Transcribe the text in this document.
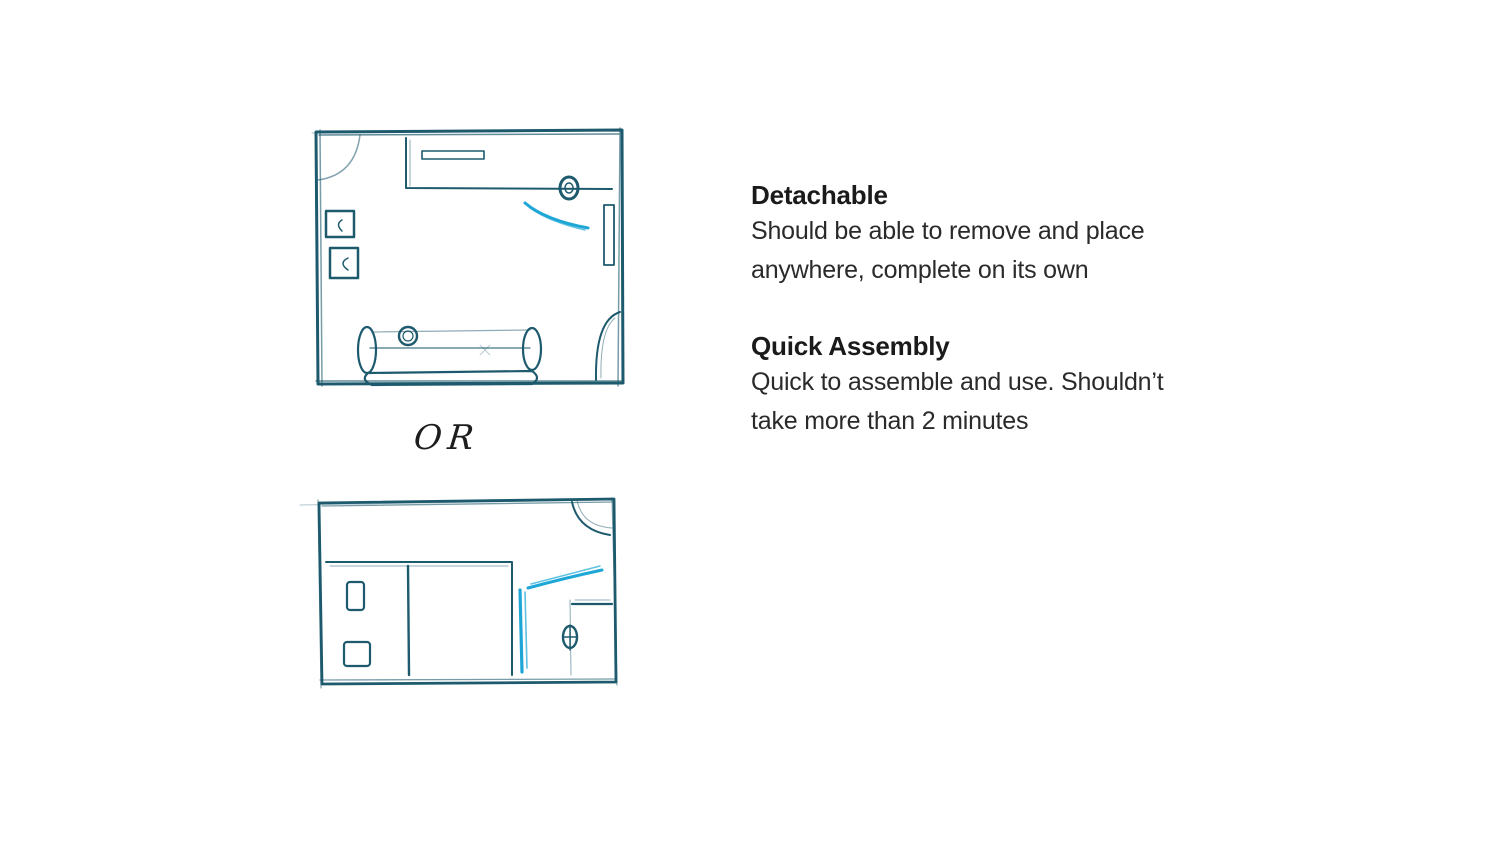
OR
Detachable
Should be able to remove and place
anywhere, complete on its own
Quick Assembly
Quick to assemble and use. Shouldn’t
take more than 2 minutes
